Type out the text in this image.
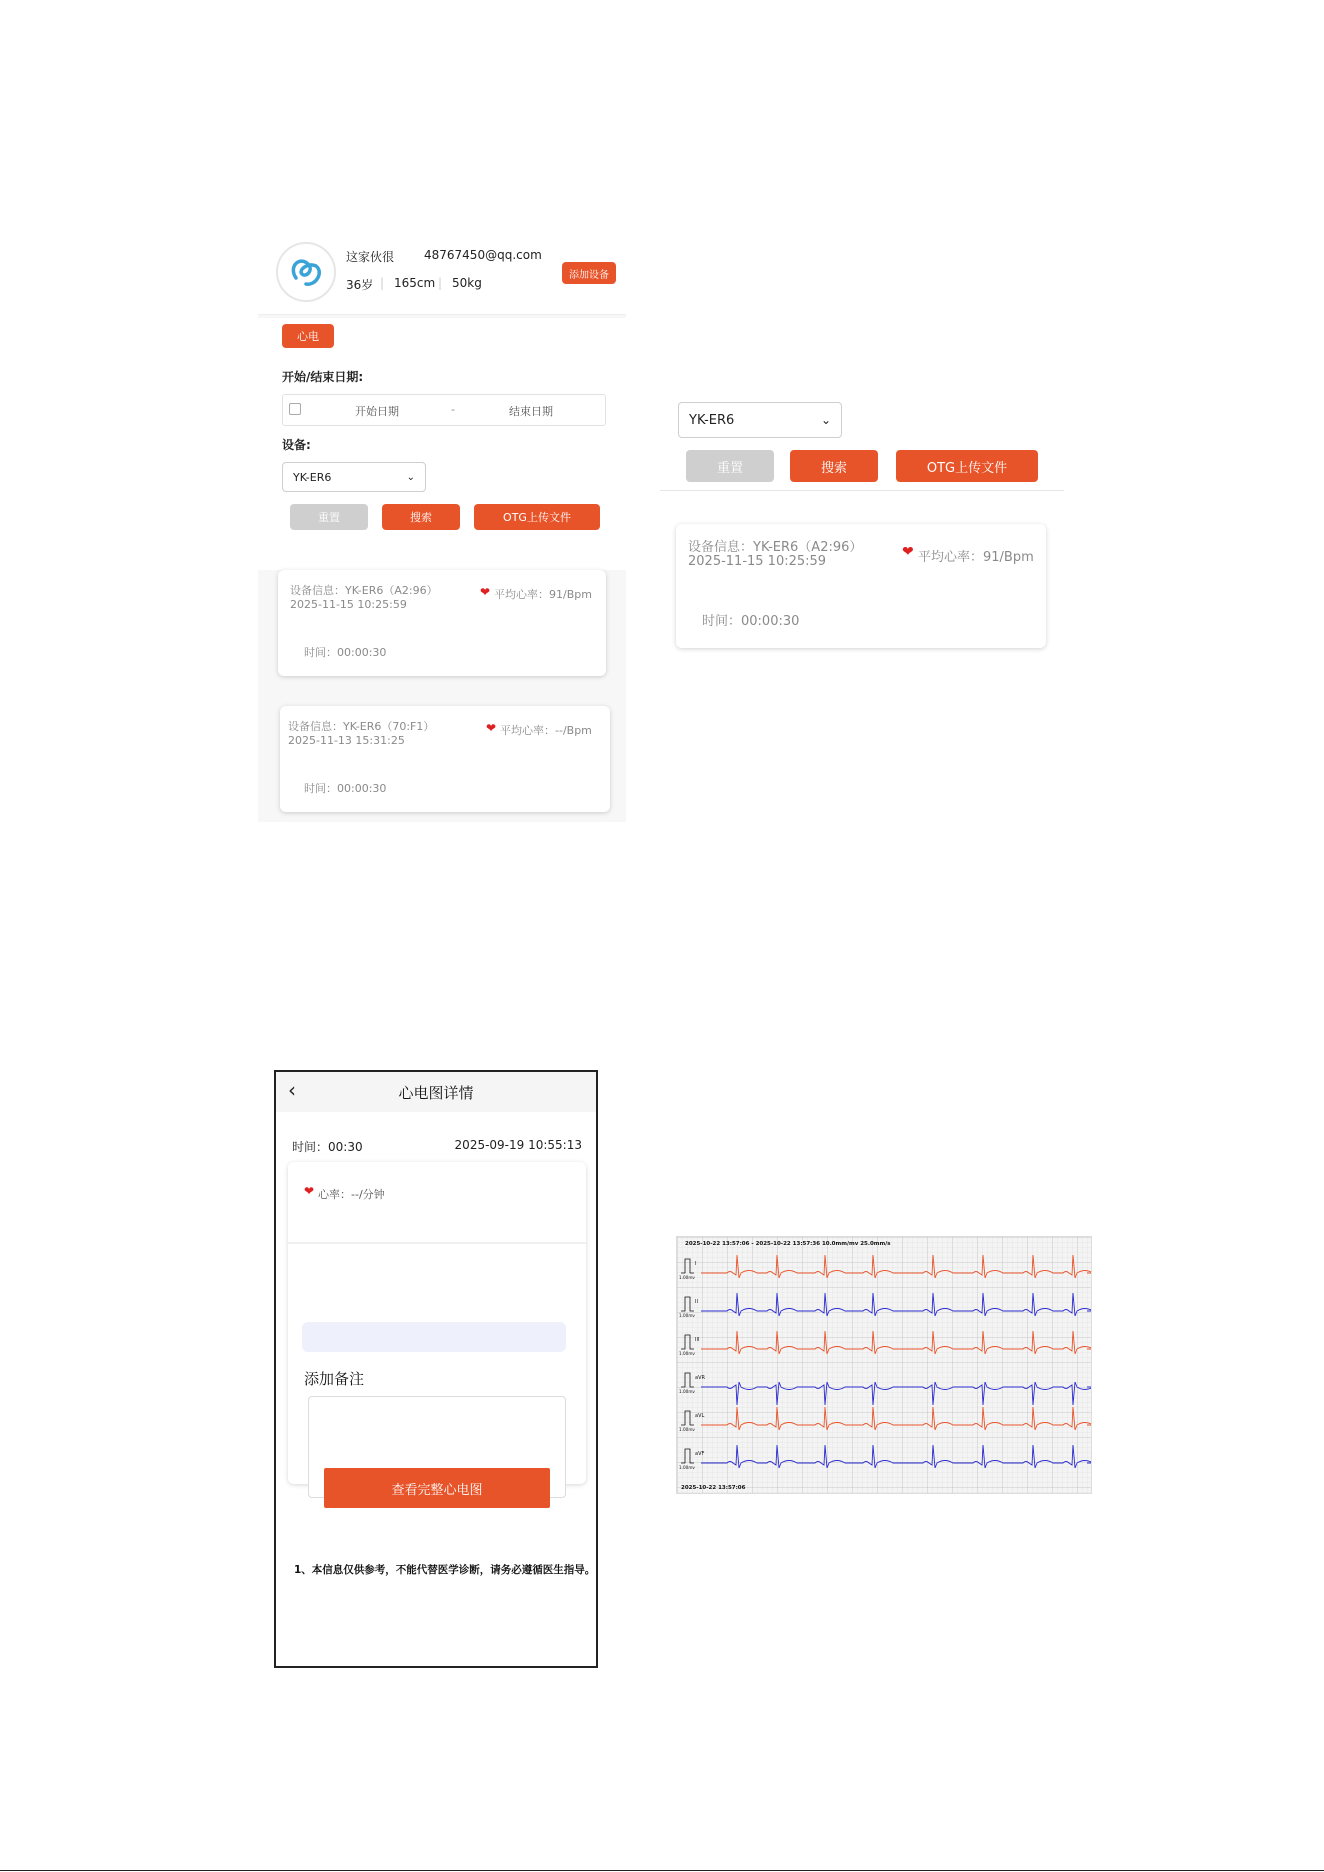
这家伙很 48767450@qq.com
36岁 | 165cm | 50kg
添加设备
心电
开始/结束日期:
开始日期	-	结束日期
设备:
YK-ER6	⌄
重置	搜索	OTG上传文件
设备信息：YK-ER6（A2:96）
2025-11-15 10:25:59
❤ 平均心率：91/Bpm
时间：00:00:30
设备信息：YK-ER6（70:F1）
2025-11-13 15:31:25
❤ 平均心率：--/Bpm
时间：00:00:30
YK-ER6	⌄
重置	搜索	OTG上传文件
设备信息：YK-ER6（A2:96）
2025-11-15 10:25:59
❤ 平均心率：91/Bpm
时间：00:00:30
‹	心电图详情
时间：00:30	2025-09-19 10:55:13
❤ 心率：--/分钟
添加备注
查看完整心电图
1、本信息仅供参考，不能代替医学诊断，请务必遵循医生指导。
I
1.00mv
II
1.00mv
III
1.00mv
aVR
1.00mv
aVL
1.00mv
aVF
1.00mv
2025-10-22 13:57:06 - 2025-10-22 13:57:36 10.0mm/mv 25.0mm/s
2025-10-22 13:57:06
